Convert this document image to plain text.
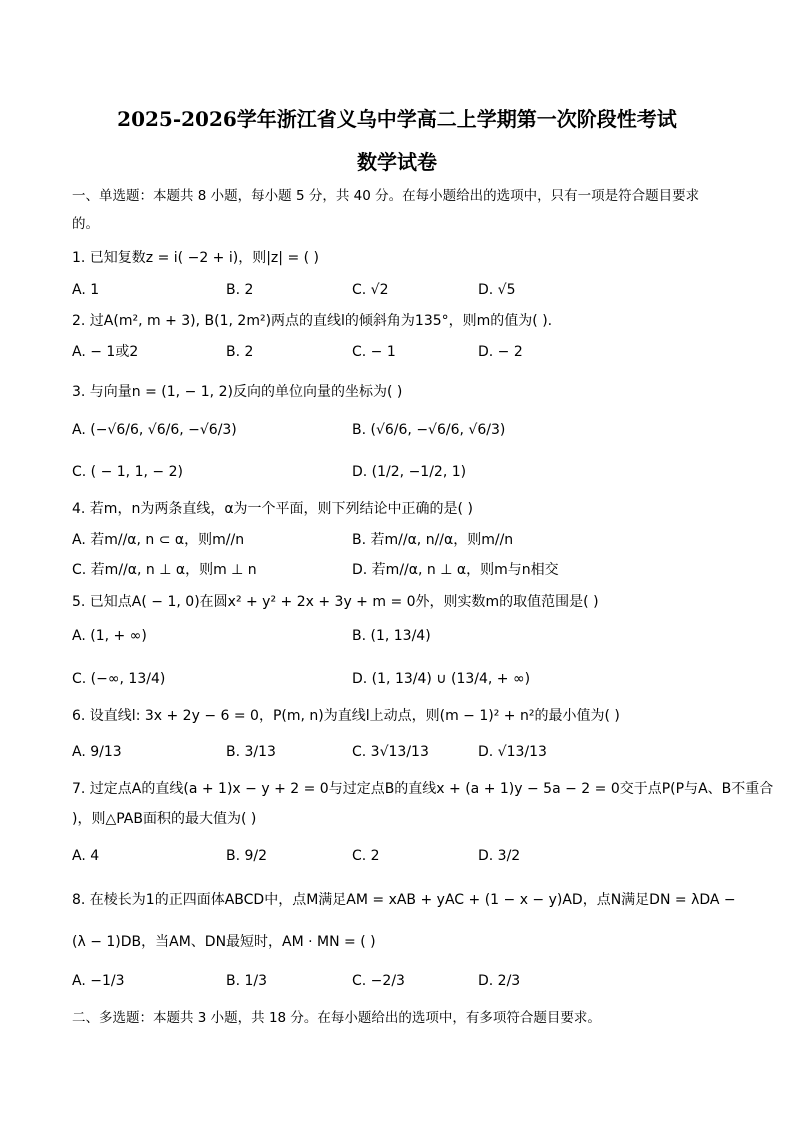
2025-2026学年浙江省义乌中学高二上学期第一次阶段性考试
数学试卷
一、单选题：本题共 8 小题，每小题 5 分，共 40 分。在每小题给出的选项中，只有一项是符合题目要求
的。
1. 已知复数z = i( −2 + i)，则|z| = ( )
A. 1	B. 2	C. √2	D. √5
2. 过A(m², m + 3), B(1, 2m²)两点的直线l的倾斜角为135°，则m的值为( ).
A. − 1或2	B. 2	C. − 1	D. − 2
3. 与向量n = (1, − 1, 2)反向的单位向量的坐标为( )
A. (−√6/6, √6/6, −√6/3)	B. (√6/6, −√6/6, √6/3)
C. ( − 1, 1, − 2)	D. (1/2, −1/2, 1)
4. 若m，n为两条直线，α为一个平面，则下列结论中正确的是( )
A. 若m//α, n ⊂ α，则m//n	B. 若m//α, n//α，则m//n
C. 若m//α, n ⊥ α，则m ⊥ n	D. 若m//α, n ⊥ α，则m与n相交
5. 已知点A( − 1, 0)在圆x² + y² + 2x + 3y + m = 0外，则实数m的取值范围是( )
A. (1, + ∞)	B. (1, 13/4)
C. (−∞, 13/4)	D. (1, 13/4) ∪ (13/4, + ∞)
6. 设直线l: 3x + 2y − 6 = 0，P(m, n)为直线l上动点，则(m − 1)² + n²的最小值为( )
A. 9/13	B. 3/13	C. 3√13/13	D. √13/13
7. 过定点A的直线(a + 1)x − y + 2 = 0与过定点B的直线x + (a + 1)y − 5a − 2 = 0交于点P(P与A、B不重合
)，则△PAB面积的最大值为( )
A. 4	B. 9/2	C. 2	D. 3/2
8. 在棱长为1的正四面体ABCD中，点M满足AM = xAB + yAC + (1 − x − y)AD，点N满足DN = λDA −
(λ − 1)DB，当AM、DN最短时，AM · MN = ( )
A. −1/3	B. 1/3	C. −2/3	D. 2/3
二、多选题：本题共 3 小题，共 18 分。在每小题给出的选项中，有多项符合题目要求。
